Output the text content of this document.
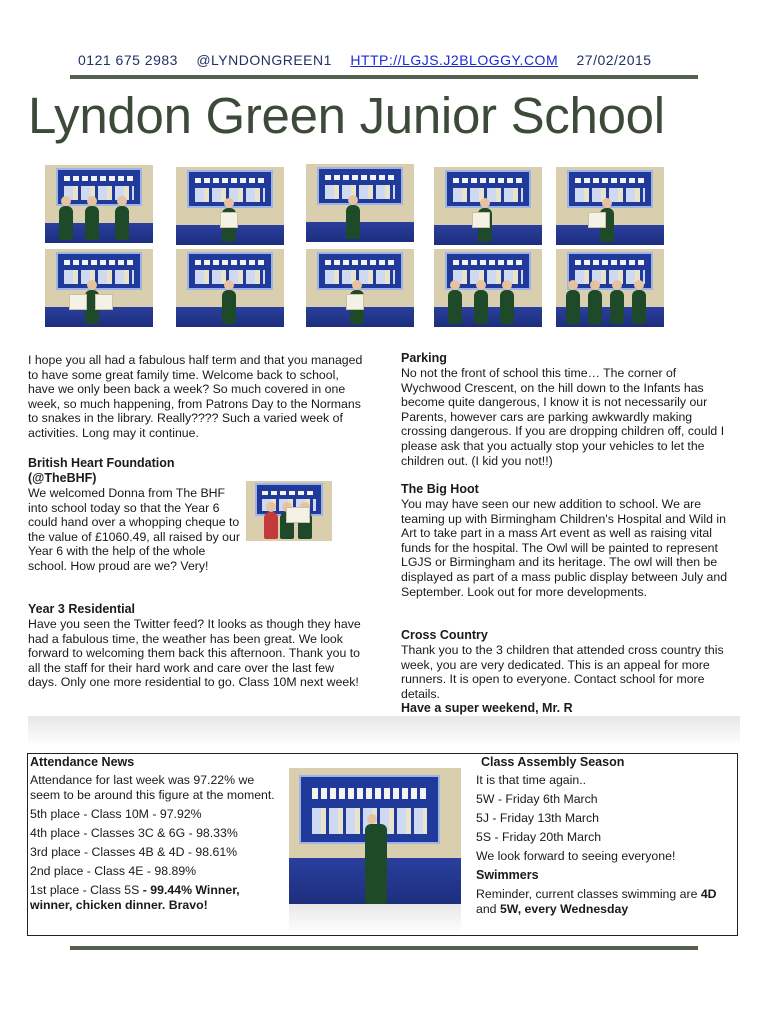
0121 675 2983 @LYNDONGREEN1 HTTP://LGJS.J2BLOGGY.COM 27/02/2015
Lyndon Green Junior School

I hope you all had a fabulous half term and that you managed to have some great family time. Welcome back to school, have we only been back a week? So much covered in one week, so much happening, from Patrons Day to the Normans to snakes in the library. Really???? Such a varied week of activities. Long may it continue.

British Heart Foundation

(@TheBHF)

We welcomed Donna from The BHF into school today so that the Year 6 could hand over a whopping cheque to the value of £1060.49, all raised by our Year 6 with the help of the whole school. How proud are we? Very!

Year 3 Residential

Have you seen the Twitter feed? It looks as though they have had a fabulous time, the weather has been great. We look forward to welcoming them back this afternoon. Thank you to all the staff for their hard work and care over the last few days. Only one more residential to go. Class 10M next week!

Parking

No not the front of school this time… The corner of Wychwood Crescent, on the hill down to the Infants has become quite dangerous, I know it is not necessarily our Parents, however cars are parking awkwardly making crossing dangerous. If you are dropping children off, could I please ask that you actually stop your vehicles to let the children out. (I kid you not!!)

The Big Hoot

You may have seen our new addition to school. We are teaming up with Birmingham Children's Hospital and Wild in Art to take part in a mass Art event as well as raising vital funds for the hospital. The Owl will be painted to represent LGJS or Birmingham and its heritage. The owl will then be displayed as part of a mass public display between July and September. Look out for more developments.

Cross Country

Thank you to the 3 children that attended cross country this week, you are very dedicated. This is an appeal for more runners. It is open to everyone. Contact school for more details.

Have a super weekend, Mr. R
Attendance News

Attendance for last week was 97.22% we seem to be around this figure at the moment.

5th place - Class 10M - 97.92%

4th place - Classes 3C & 6G - 98.33%

3rd place - Classes 4B & 4D - 98.61%

2nd place - Class 4E - 98.89%

1st place - Class 5S - 99.44% Winner, winner, chicken dinner. Bravo!

Class Assembly Season

It is that time again..

5W - Friday 6th March

5J - Friday 13th March

5S - Friday 20th March

We look forward to seeing everyone!

Swimmers

Reminder, current classes swimming are 4D and 5W, every Wednesday
